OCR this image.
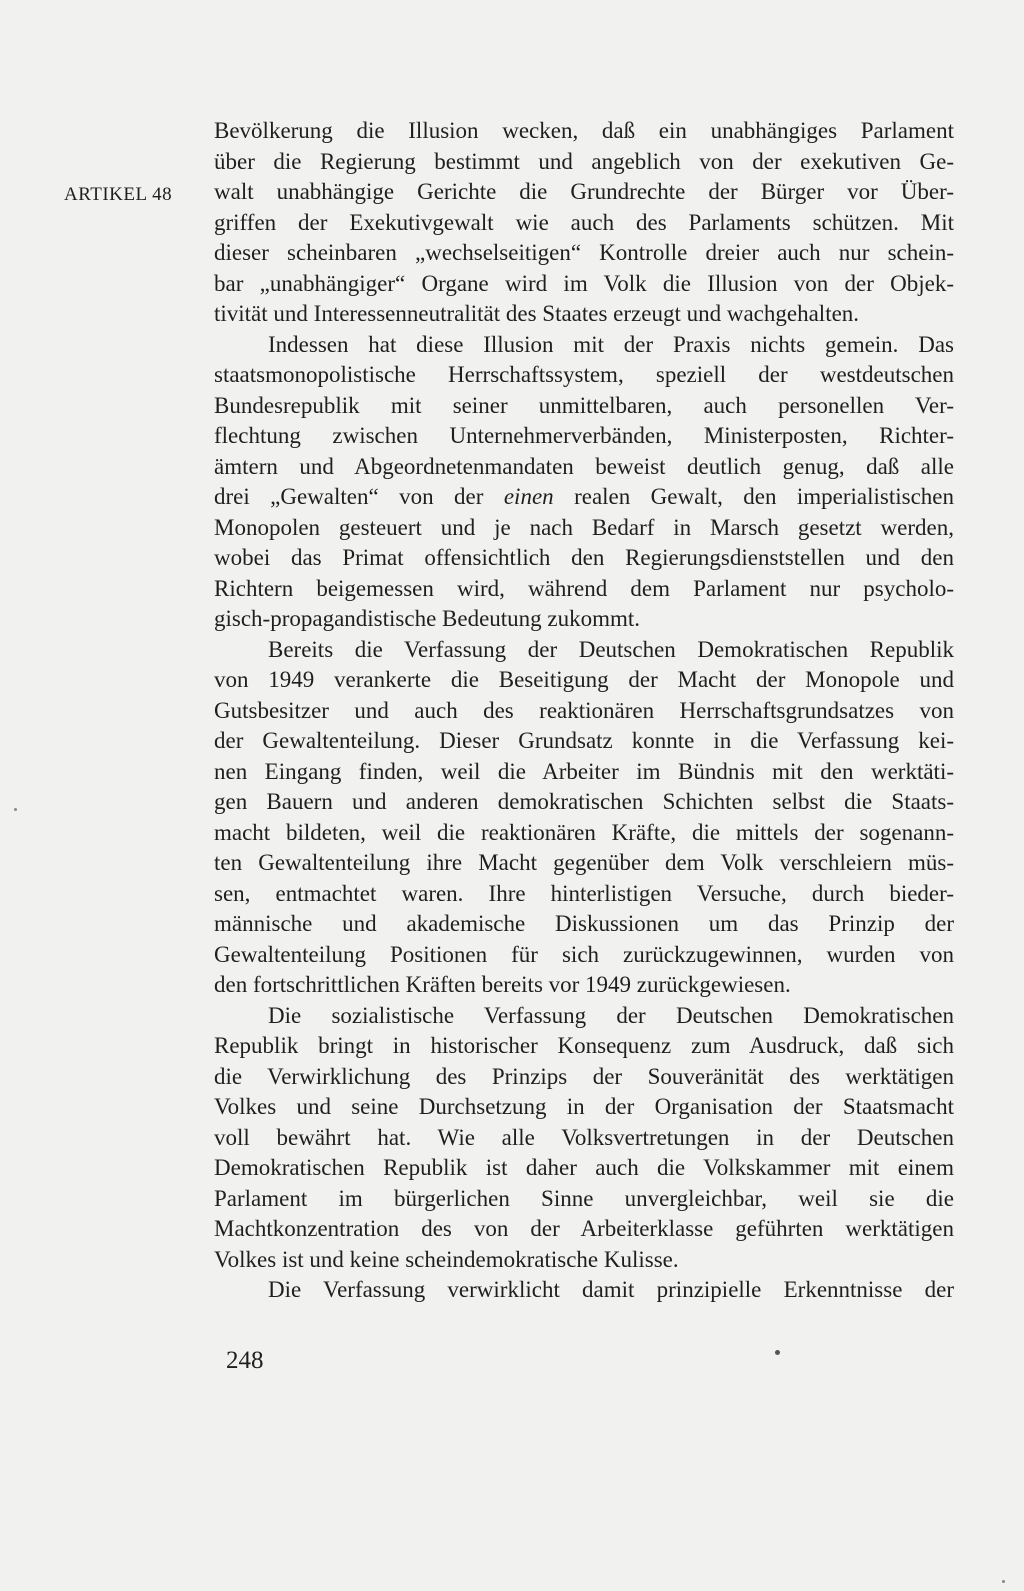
ARTIKEL 48
Bevölkerung die Illusion wecken, daß ein unabhängiges Parlament
über die Regierung bestimmt und angeblich von der exekutiven Ge-
walt unabhängige Gerichte die Grundrechte der Bürger vor Über-
griffen der Exekutivgewalt wie auch des Parlaments schützen. Mit
dieser scheinbaren „wechselseitigen“ Kontrolle dreier auch nur schein-
bar „unabhängiger“ Organe wird im Volk die Illusion von der Objek-
tivität und Interessenneutralität des Staates erzeugt und wachgehalten.
Indessen hat diese Illusion mit der Praxis nichts gemein. Das
staatsmonopolistische Herrschaftssystem, speziell der westdeutschen
Bundesrepublik mit seiner unmittelbaren, auch personellen Ver-
flechtung zwischen Unternehmerverbänden, Ministerposten, Richter-
ämtern und Abgeordnetenmandaten beweist deutlich genug, daß alle
drei „Gewalten“ von der einen realen Gewalt, den imperialistischen
Monopolen gesteuert und je nach Bedarf in Marsch gesetzt werden,
wobei das Primat offensichtlich den Regierungsdienststellen und den
Richtern beigemessen wird, während dem Parlament nur psycholo-
gisch-propagandistische Bedeutung zukommt.
Bereits die Verfassung der Deutschen Demokratischen Republik
von 1949 verankerte die Beseitigung der Macht der Monopole und
Gutsbesitzer und auch des reaktionären Herrschaftsgrundsatzes von
der Gewaltenteilung. Dieser Grundsatz konnte in die Verfassung kei-
nen Eingang finden, weil die Arbeiter im Bündnis mit den werktäti-
gen Bauern und anderen demokratischen Schichten selbst die Staats-
macht bildeten, weil die reaktionären Kräfte, die mittels der sogenann-
ten Gewaltenteilung ihre Macht gegenüber dem Volk verschleiern müs-
sen, entmachtet waren. Ihre hinterlistigen Versuche, durch bieder-
männische und akademische Diskussionen um das Prinzip der
Gewaltenteilung Positionen für sich zurückzugewinnen, wurden von
den fortschrittlichen Kräften bereits vor 1949 zurückgewiesen.
Die sozialistische Verfassung der Deutschen Demokratischen
Republik bringt in historischer Konsequenz zum Ausdruck, daß sich
die Verwirklichung des Prinzips der Souveränität des werktätigen
Volkes und seine Durchsetzung in der Organisation der Staatsmacht
voll bewährt hat. Wie alle Volksvertretungen in der Deutschen
Demokratischen Republik ist daher auch die Volkskammer mit einem
Parlament im bürgerlichen Sinne unvergleichbar, weil sie die
Machtkonzentration des von der Arbeiterklasse geführten werktätigen
Volkes ist und keine scheindemokratische Kulisse.
Die Verfassung verwirklicht damit prinzipielle Erkenntnisse der
248
